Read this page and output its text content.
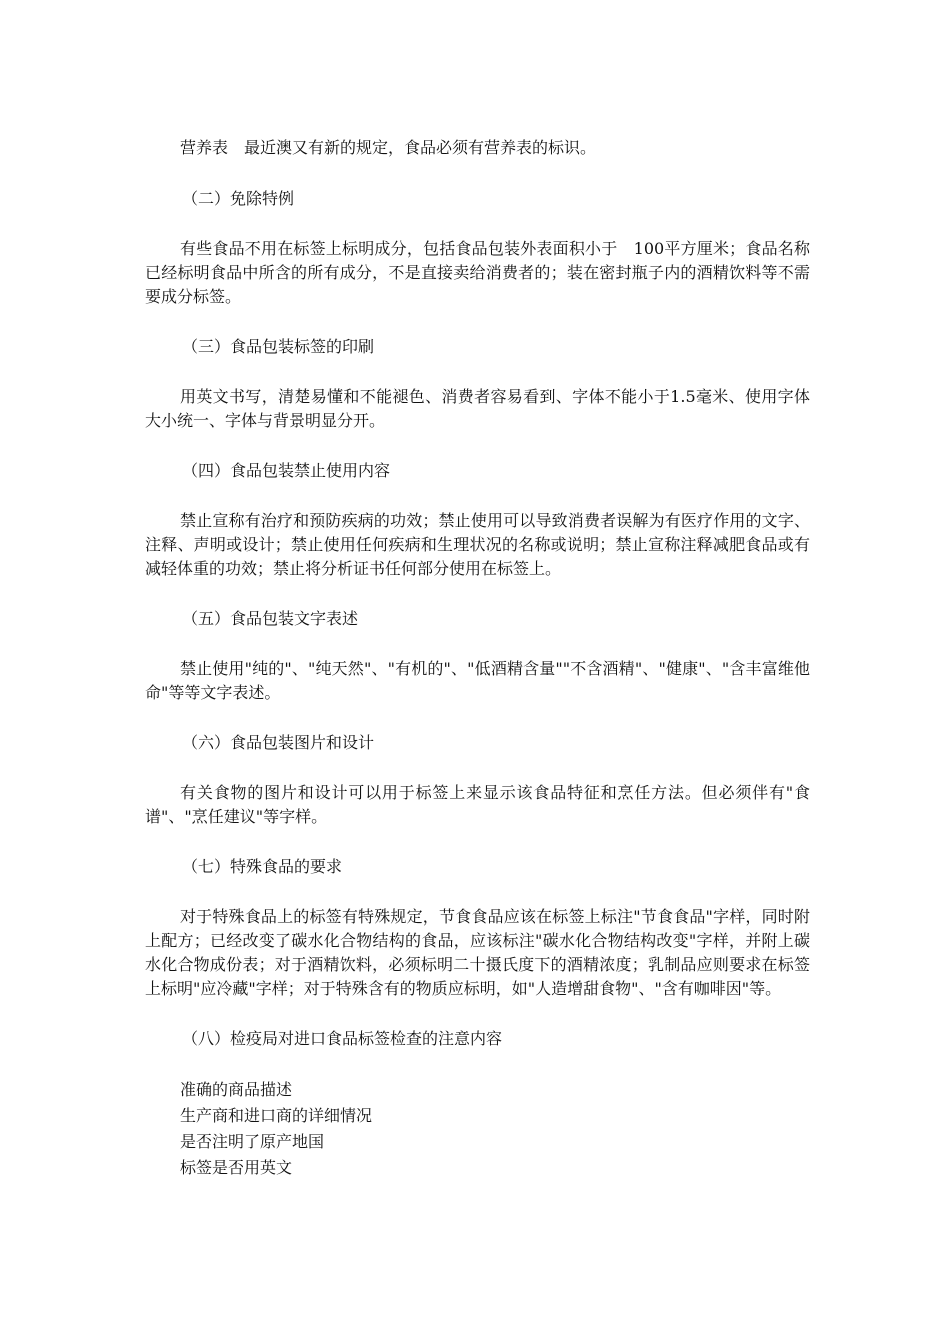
营养表　最近澳又有新的规定，食品必须有营养表的标识。

（二）免除特例

有些食品不用在标签上标明成分，包括食品包装外表面积小于　100平方厘米；食品名称已经标明食品中所含的所有成分，不是直接卖给消费者的；装在密封瓶子内的酒精饮料等不需要成分标签。

（三）食品包装标签的印刷

用英文书写，清楚易懂和不能褪色、消费者容易看到、字体不能小于1.5毫米、使用字体大小统一、字体与背景明显分开。

（四）食品包装禁止使用内容

禁止宣称有治疗和预防疾病的功效；禁止使用可以导致消费者误解为有医疗作用的文字、注释、声明或设计；禁止使用任何疾病和生理状况的名称或说明；禁止宣称注释减肥食品或有减轻体重的功效；禁止将分析证书任何部分使用在标签上。

（五）食品包装文字表述

禁止使用"纯的"、"纯天然"、"有机的"、"低酒精含量""不含酒精"、"健康"、"含丰富维他命"等等文字表述。

（六）食品包装图片和设计

有关食物的图片和设计可以用于标签上来显示该食品特征和烹任方法。但必须伴有"食谱"、"烹任建议"等字样。

（七）特殊食品的要求

对于特殊食品上的标签有特殊规定，节食食品应该在标签上标注"节食食品"字样，同时附上配方；已经改变了碳水化合物结构的食品，应该标注"碳水化合物结构改变"字样，并附上碳水化合物成份表；对于酒精饮料，必须标明二十摄氏度下的酒精浓度；乳制品应则要求在标签上标明"应冷藏"字样；对于特殊含有的物质应标明，如"人造增甜食物"、"含有咖啡因"等。

（八）检疫局对进口食品标签检查的注意内容

准确的商品描述
生产商和进口商的详细情况
是否注明了原产地国
标签是否用英文
